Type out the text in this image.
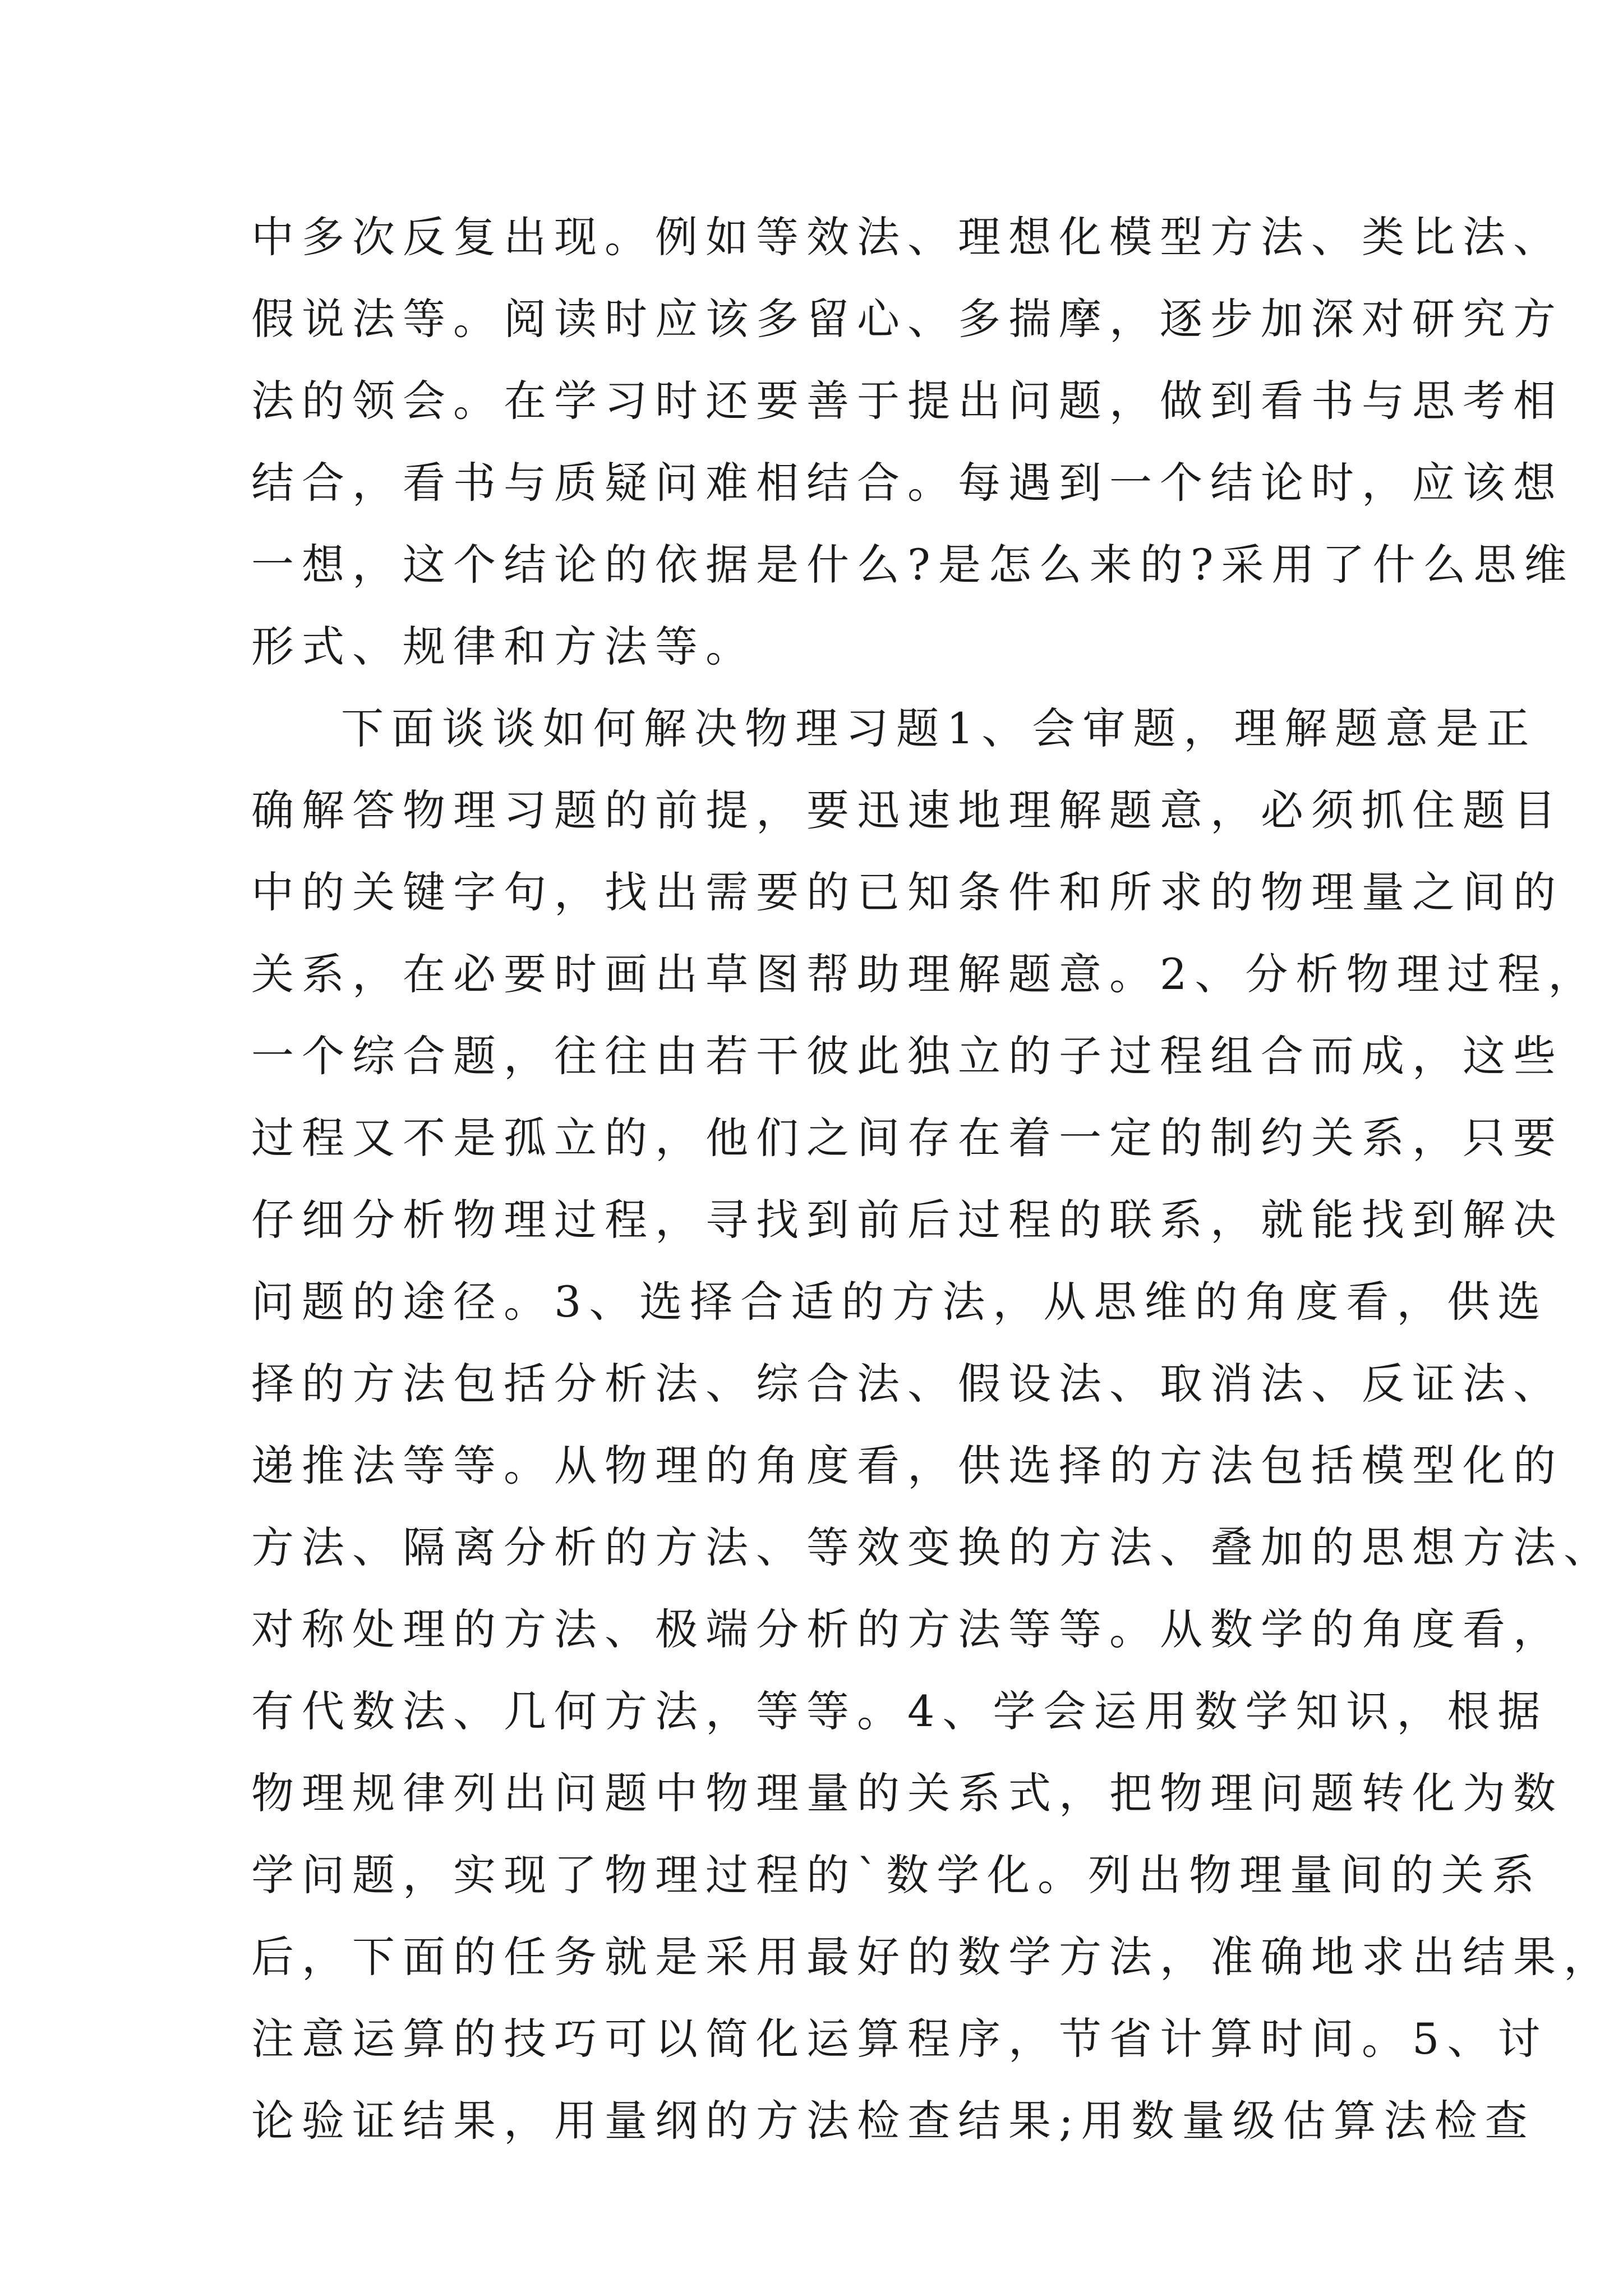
中多次反复出现。例如等效法、理想化模型方法、类比法、
假说法等。阅读时应该多留心、多揣摩，逐步加深对研究方
法的领会。在学习时还要善于提出问题，做到看书与思考相
结合，看书与质疑问难相结合。每遇到一个结论时，应该想
一想，这个结论的依据是什么?是怎么来的?采用了什么思维
形式、规律和方法等。
下面谈谈如何解决物理习题1、会审题，理解题意是正
确解答物理习题的前提，要迅速地理解题意，必须抓住题目
中的关键字句，找出需要的已知条件和所求的物理量之间的
关系，在必要时画出草图帮助理解题意。2、分析物理过程，
一个综合题，往往由若干彼此独立的子过程组合而成，这些
过程又不是孤立的，他们之间存在着一定的制约关系，只要
仔细分析物理过程，寻找到前后过程的联系，就能找到解决
问题的途径。3、选择合适的方法，从思维的角度看，供选
择的方法包括分析法、综合法、假设法、取消法、反证法、
递推法等等。从物理的角度看，供选择的方法包括模型化的
方法、隔离分析的方法、等效变换的方法、叠加的思想方法、
对称处理的方法、极端分析的方法等等。从数学的角度看，
有代数法、几何方法，等等。4、学会运用数学知识，根据
物理规律列出问题中物理量的关系式，把物理问题转化为数
学问题，实现了物理过程的`数学化。列出物理量间的关系
后，下面的任务就是采用最好的数学方法，准确地求出结果，
注意运算的技巧可以简化运算程序，节省计算时间。5、讨
论验证结果，用量纲的方法检查结果;用数量级估算法检查
